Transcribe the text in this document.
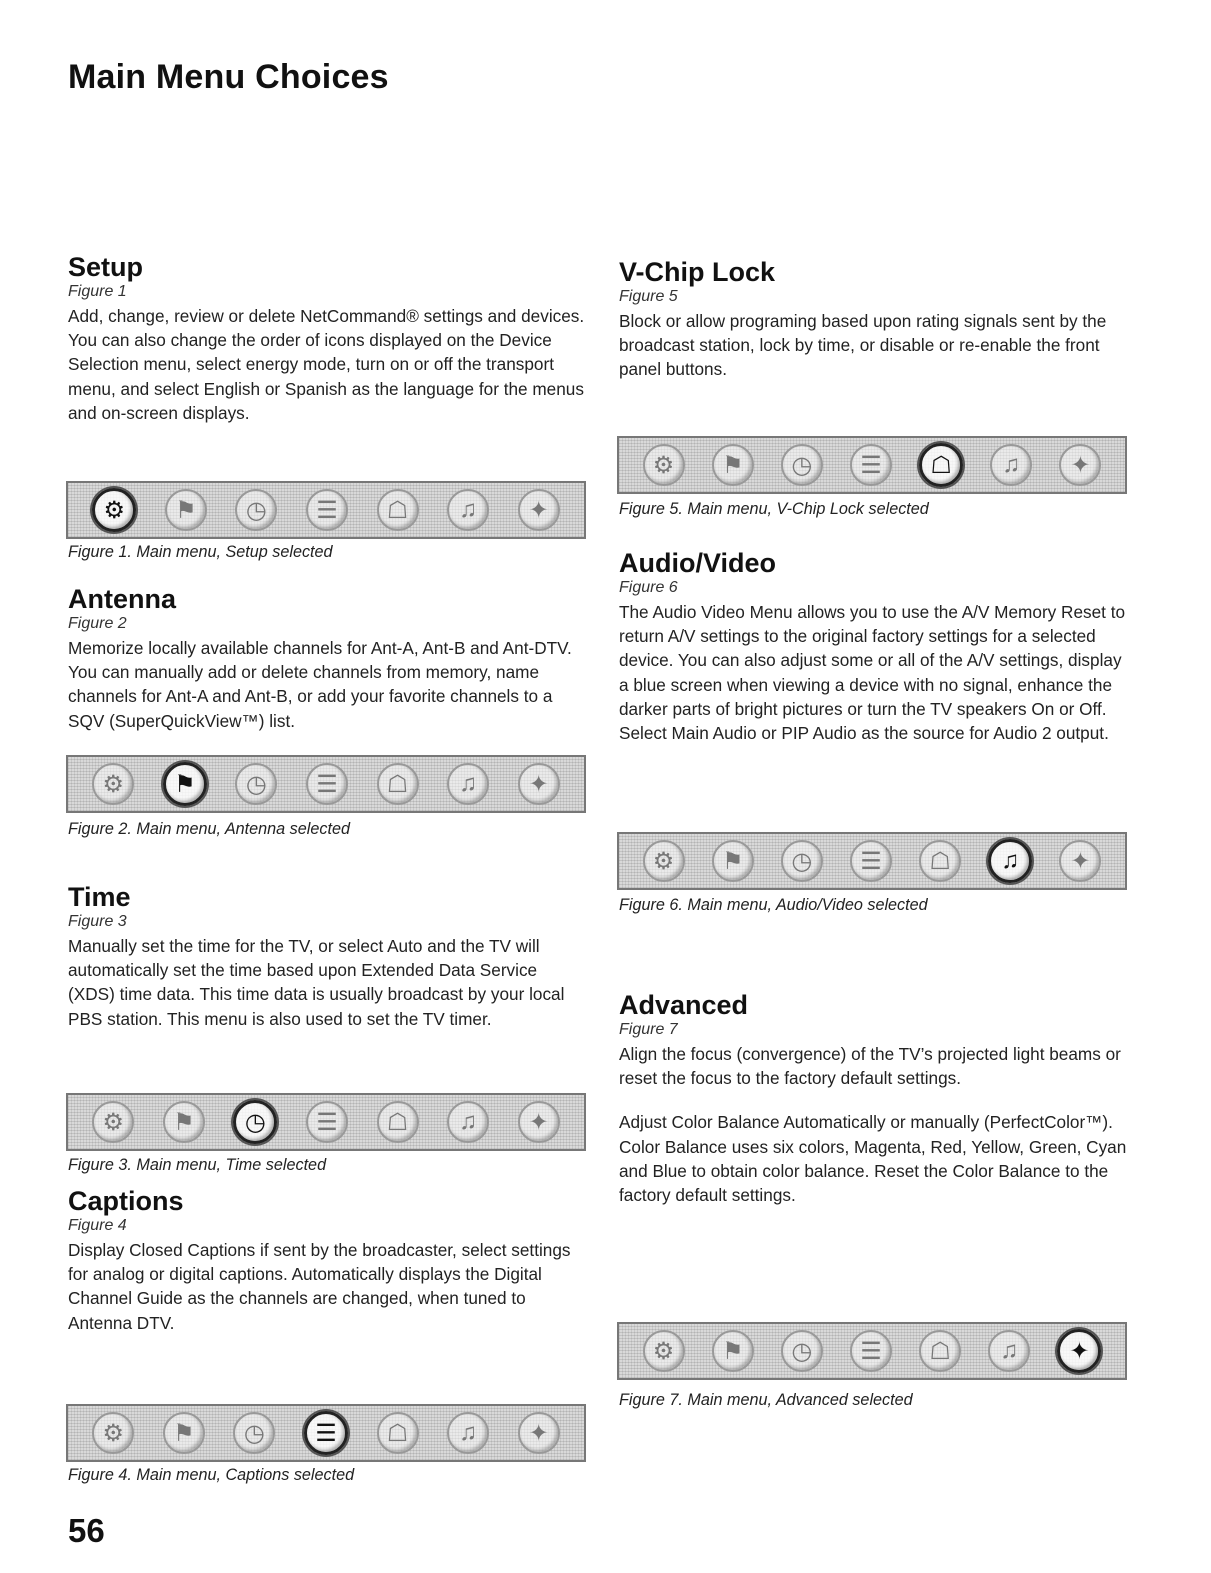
Main Menu Choices
Setup
Figure 1

Add, change, review or delete NetCommand® settings and devices. You can also change the order of icons displayed on the Device Selection menu, select energy mode, turn on or off the transport menu, and select English or Spanish as the language for the menus and on-screen displays.

⚙	⚑	◷	☰	☖	♫	✦
Figure 1. Main menu, Setup selected
Antenna
Figure 2

Memorize locally available channels for Ant-A, Ant-B and Ant-DTV. You can manually add or delete channels from memory, name channels for Ant-A and Ant-B, or add your favorite channels to a SQV (SuperQuickView™) list.

⚙	⚑	◷	☰	☖	♫	✦
Figure 2. Main menu, Antenna selected
Time
Figure 3

Manually set the time for the TV, or select Auto and the TV will automatically set the time based upon Extended Data Service (XDS) time data. This time data is usually broadcast by your local PBS station. This menu is also used to set the TV timer.

⚙	⚑	◷	☰	☖	♫	✦
Figure 3. Main menu, Time selected
Captions
Figure 4

Display Closed Captions if sent by the broadcaster, select settings for analog or digital captions. Automatically displays the Digital Channel Guide as the channels are changed, when tuned to Antenna DTV.

⚙	⚑	◷	☰	☖	♫	✦
Figure 4. Main menu, Captions selected
V-Chip Lock
Figure 5

Block or allow programing based upon rating signals sent by the broadcast station, lock by time, or disable or re-enable the front panel buttons.

⚙	⚑	◷	☰	☖	♫	✦
Figure 5. Main menu, V-Chip Lock selected
Audio/Video
Figure 6

The Audio Video Menu allows you to use the A/V Memory Reset to return A/V settings to the original factory settings for a selected device. You can also adjust some or all of the A/V settings, display a blue screen when viewing a device with no signal, enhance the darker parts of bright pictures or turn the TV speakers On or Off. Select Main Audio or PIP Audio as the source for Audio 2 output.

⚙	⚑	◷	☰	☖	♫	✦
Figure 6. Main menu, Audio/Video selected
Advanced
Figure 7

Align the focus (convergence) of the TV’s projected light beams or reset the focus to the factory default settings.

Adjust Color Balance Automatically or manually (PerfectColor™). Color Balance uses six colors, Magenta, Red, Yellow, Green, Cyan and Blue to obtain color balance. Reset the Color Balance to the factory default settings.

⚙	⚑	◷	☰	☖	♫	✦
Figure 7. Main menu, Advanced selected
56
